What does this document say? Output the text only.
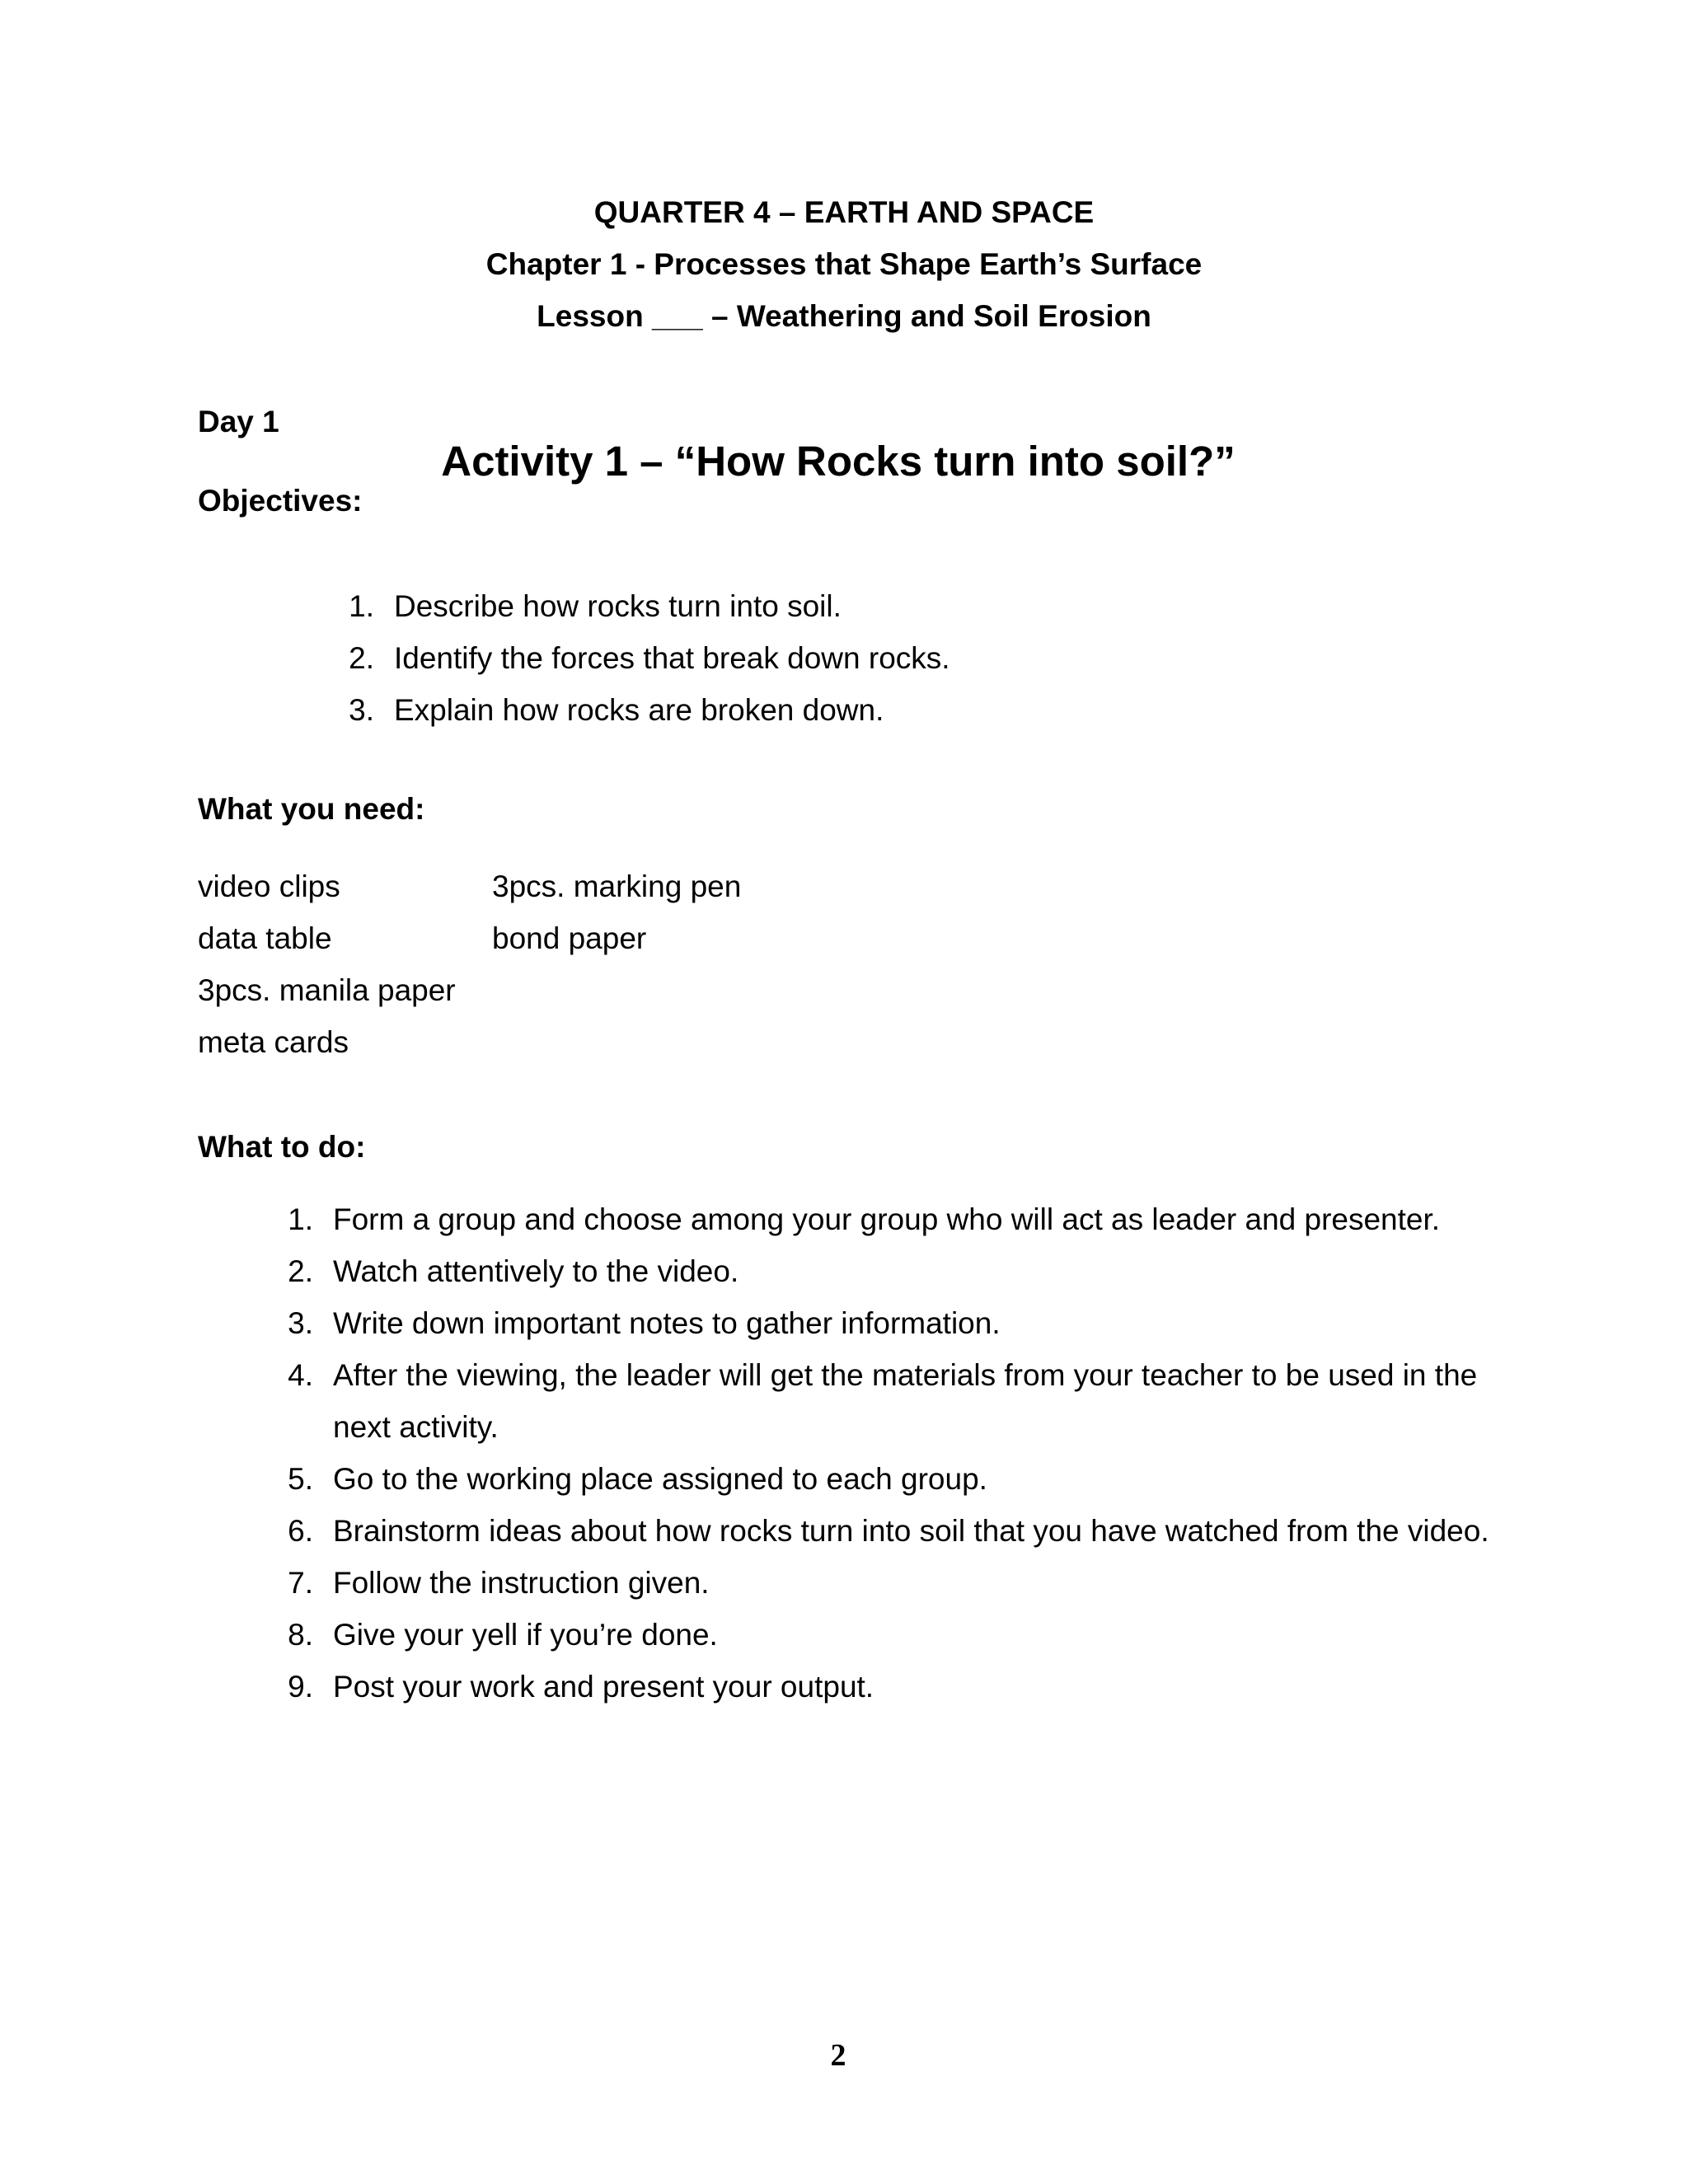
QUARTER 4 – EARTH AND SPACE
Chapter 1 - Processes that Shape Earth’s Surface
Lesson ___ – Weathering and Soil Erosion
Day 1
Activity 1 – “How Rocks turn into soil?”
Objectives:
1. Describe how rocks turn into soil.
2. Identify the forces that break down rocks.
3. Explain how rocks are broken down.
What you need:
video clips
data table
3pcs. manila paper
meta cards
3pcs. marking pen
bond paper
What to do:
1. Form a group and choose among your group who will act as leader and presenter.
2. Watch attentively to the video.
3. Write down important notes to gather information.
4. After the viewing, the leader will get the materials from your teacher to be used in the next activity.
5. Go to the working place assigned to each group.
6. Brainstorm ideas about how rocks turn into soil that you have watched from the video.
7. Follow the instruction given.
8. Give your yell if you’re done.
9. Post your work and present your output.
2
